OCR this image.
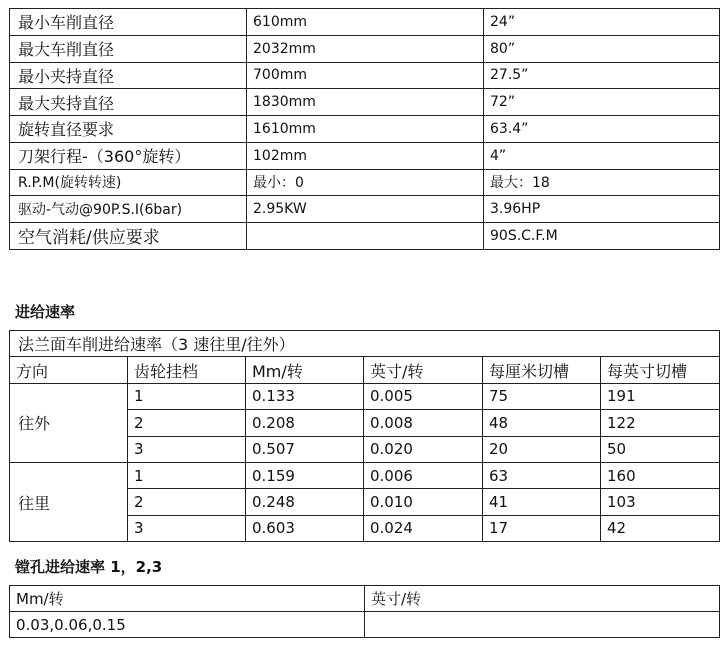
最小车削直径	610mm	24”
最大车削直径	2032mm	80”
最小夹持直径	700mm	27.5”
最大夹持直径	1830mm	72”
旋转直径要求	1610mm	63.4”
刀架行程-（360°旋转）	102mm	4”
R.P.M(旋转转速)	最小：0	最大：18
驱动-气动@90P.S.I(6bar)	2.95KW	3.96HP
空气消耗/供应要求		90S.C.F.M
进给速率
法兰面车削进给速率（3 速往里/往外）					
方向	齿轮挂档	Mm/转	英寸/转	每厘米切槽	每英寸切槽
往外	1	0.133	0.005	75	191
	2	0.208	0.008	48	122
	3	0.507	0.020	20	50
往里	1	0.159	0.006	63	160
	2	0.248	0.010	41	103
	3	0.603	0.024	17	42
镗孔进给速率 1，2,3
Mm/转	英寸/转
0.03,0.06,0.15	
